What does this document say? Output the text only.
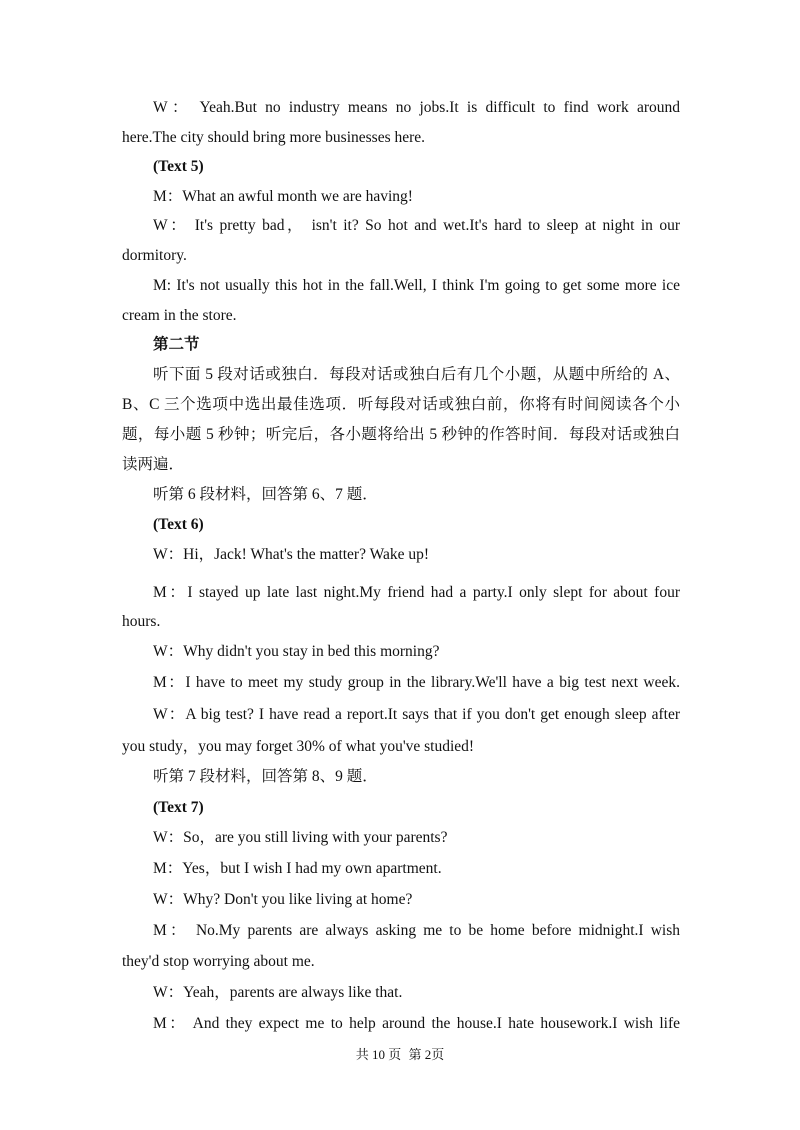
W： Yeah.But no industry means no jobs.It is difficult to find work around
here.The city should bring more businesses here.
(Text 5)
M：What an awful month we are having!
W： It's pretty bad， isn't it? So hot and wet.It's hard to sleep at night in our
dormitory.
M: It's not usually this hot in the fall.Well, I think I'm going to get some more ice
cream in the store.
第二节
听下面 5 段对话或独白．每段对话或独白后有几个小题，从题中所给的 A、
B、C 三个选项中选出最佳选项．听每段对话或独白前，你将有时间阅读各个小
题，每小题 5 秒钟；听完后，各小题将给出 5 秒钟的作答时间．每段对话或独白
读两遍．
听第 6 段材料，回答第 6、7 题．
(Text 6)
W：Hi，Jack! What's the matter? Wake up!
M：I stayed up late last night.My friend had a party.I only slept for about four
hours.
W：Why didn't you stay in bed this morning?
M：I have to meet my study group in the library.We'll have a big test next week.
W：A big test? I have read a report.It says that if you don't get enough sleep after
you study，you may forget 30% of what you've studied!
听第 7 段材料，回答第 8、9 题．
(Text 7)
W：So，are you still living with your parents?
M：Yes，but I wish I had my own apartment.
W：Why? Don't you like living at home?
M： No.My parents are always asking me to be home before midnight.I wish
they'd stop worrying about me.
W：Yeah，parents are always like that.
M： And they expect me to help around the house.I hate housework.I wish life
共 10 页 第 2页
